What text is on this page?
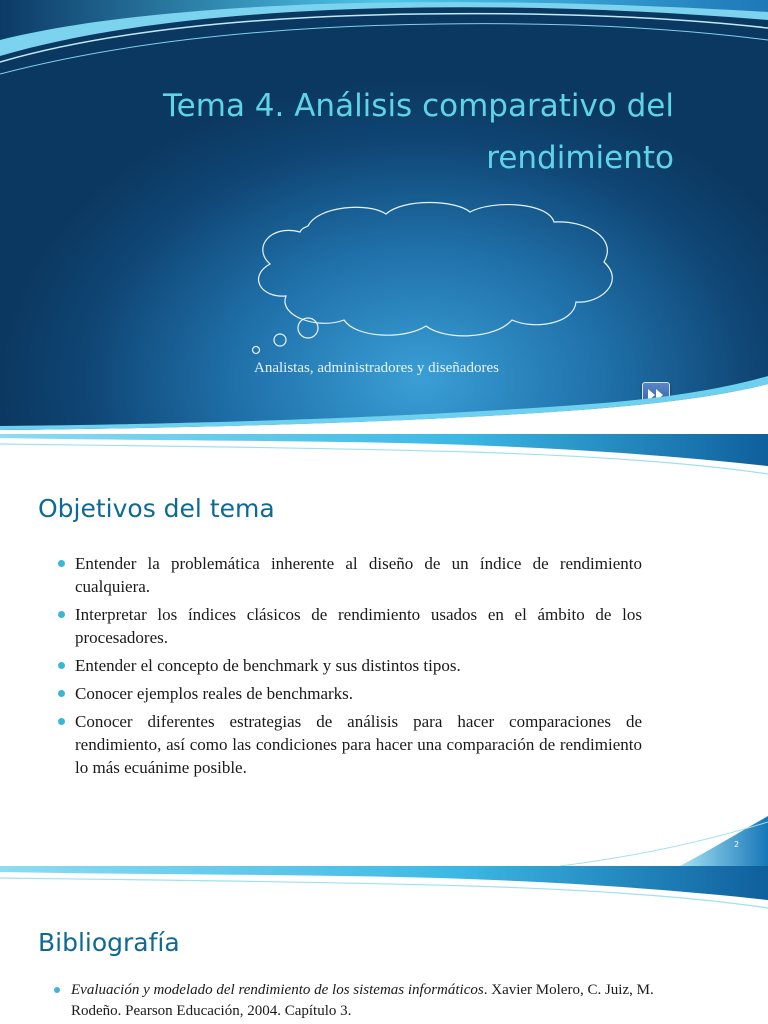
Tema 4. Análisis comparativo del
rendimiento
Analistas, administradores y diseñadores
Objetivos del tema
Entender la problemática inherente al diseño de un índice de rendimiento cualquiera.
Interpretar los índices clásicos de rendimiento usados en el ámbito de los procesadores.
Entender el concepto de benchmark y sus distintos tipos.
Conocer ejemplos reales de benchmarks.
Conocer diferentes estrategias de análisis para hacer comparaciones de rendimiento, así como las condiciones para hacer una comparación de rendimiento lo más ecuánime posible.
2
Bibliografía
Evaluación y modelado del rendimiento de los sistemas informáticos. Xavier Molero, C. Juiz, M. Rodeño. Pearson Educación, 2004. Capítulo 3.
